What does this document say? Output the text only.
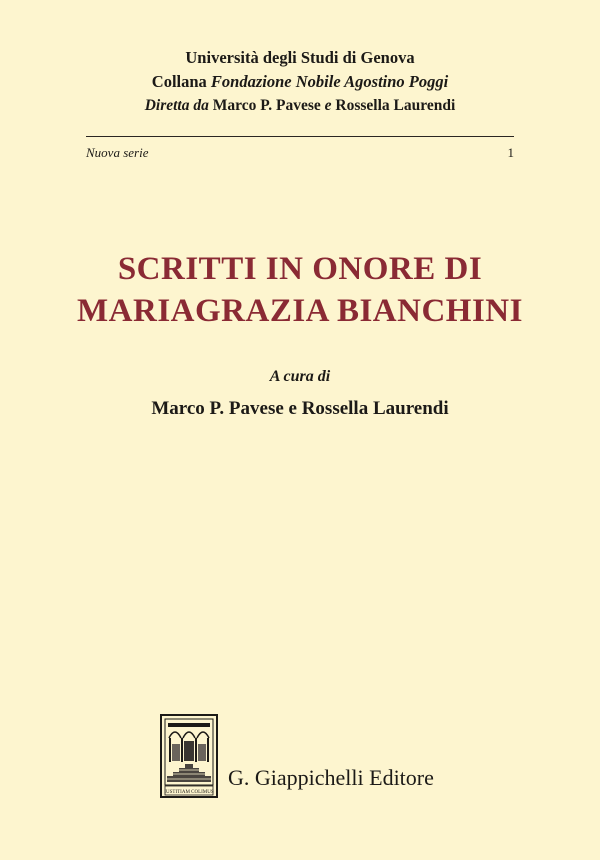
Università degli Studi di Genova
Collana Fondazione Nobile Agostino Poggi
Diretta da Marco P. Pavese e Rossella Laurendi
Nuova serie	1
SCRITTI IN ONORE DI
MARIAGRAZIA BIANCHINI
A cura di
Marco P. Pavese e Rossella Laurendi
IUSTITIAM COLIMUS
G. Giappichelli Editore
